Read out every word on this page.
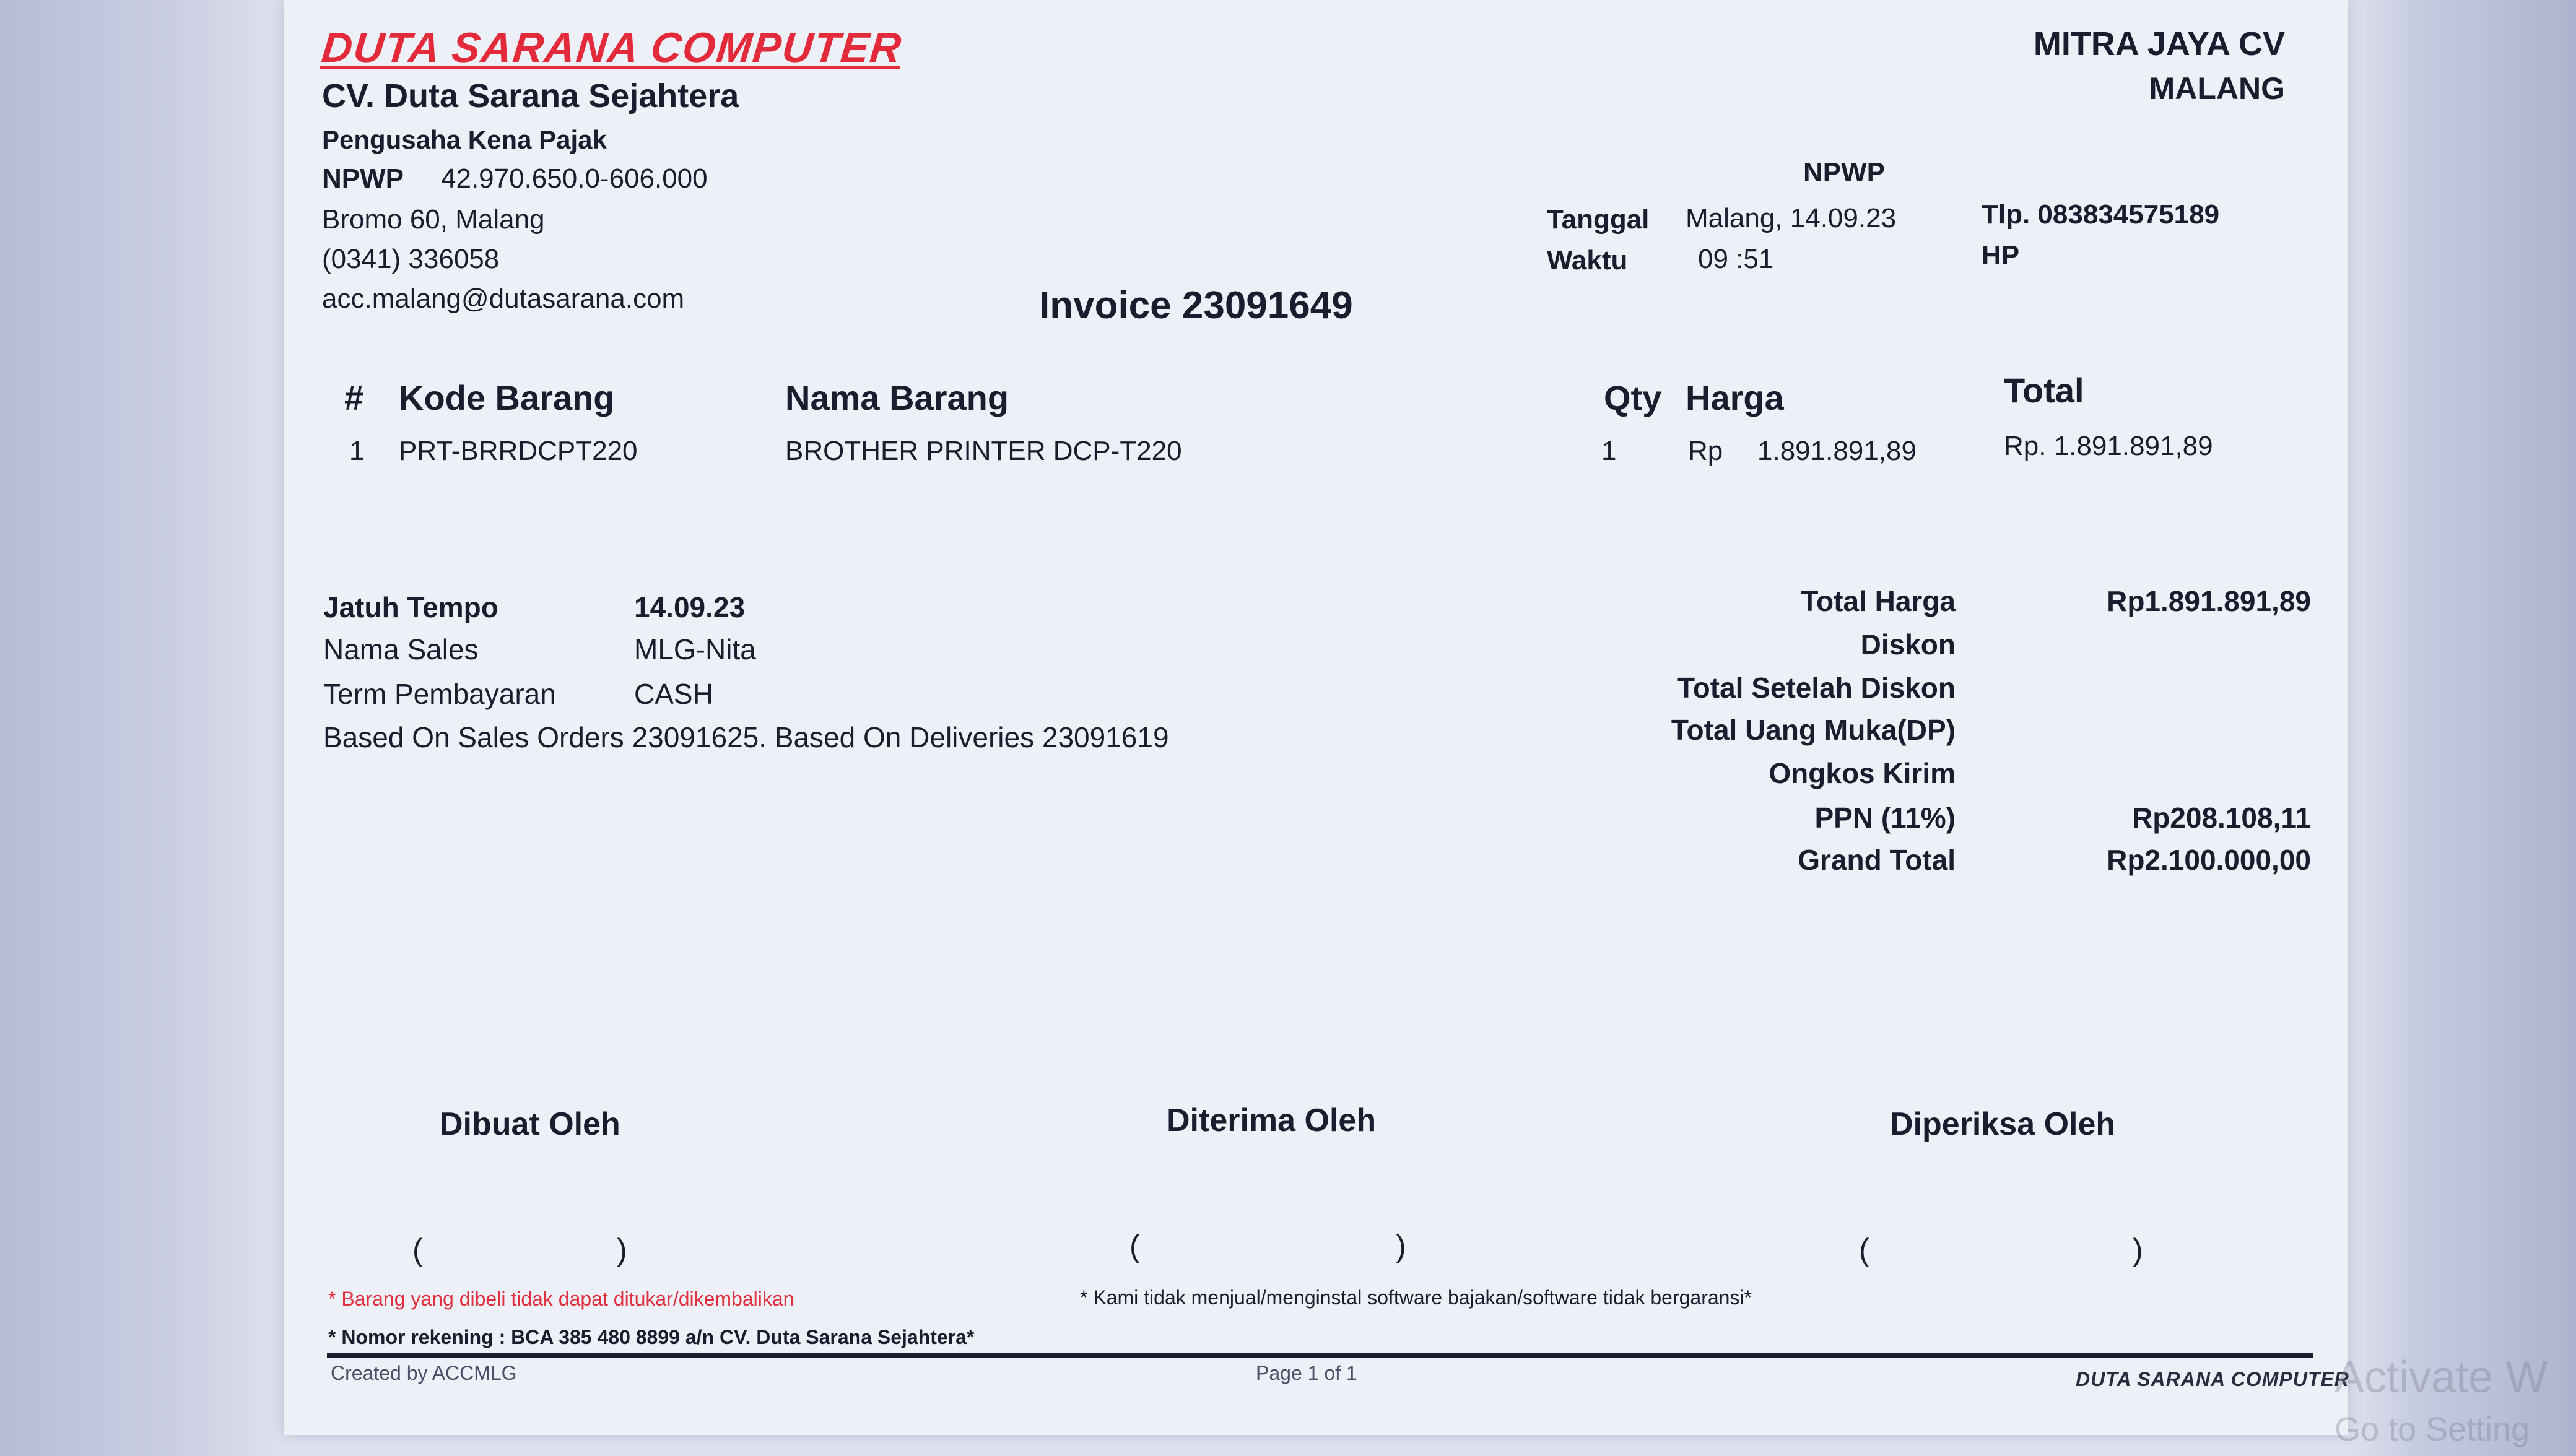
DUTA SARANA COMPUTER
CV. Duta Sarana Sejahtera
Pengusaha Kena Pajak
NPWP 42.970.650.0-606.000
Bromo 60, Malang
(0341) 336058
acc.malang@dutasarana.com
MITRA JAYA CV
MALANG
NPWP
Tanggal Malang, 14.09.23
Waktu	09 :51
Tlp. 083834575189
HP
Invoice 23091649
# Kode Barang	Nama Barang	Qty Harga	Total
1 PRT-BRRDCPT220	BROTHER PRINTER DCP-T220	1	Rp 1.891.891,89	Rp. 1.891.891,89
Jatuh Tempo	14.09.23
Nama Sales	MLG-Nita
Term Pembayaran	CASH
Based On Sales Orders 23091625. Based On Deliveries 23091619
Total Harga	Rp1.891.891,89
Diskon
Total Setelah Diskon
Total Uang Muka(DP)
Ongkos Kirim
PPN (11%)	Rp208.108,11
Grand Total	Rp2.100.000,00
Dibuat Oleh	Diterima Oleh	Diperiksa Oleh
(	)	(	)	(	)
* Barang yang dibeli tidak dapat ditukar/dikembalikan	* Kami tidak menjual/menginstal software bajakan/software tidak bergaransi*
* Nomor rekening : BCA 385 480 8899 a/n CV. Duta Sarana Sejahtera*
Created by ACCMLG	Page 1 of 1	DUTA SARANA COMPUTER
Activate W
Go to Setting
